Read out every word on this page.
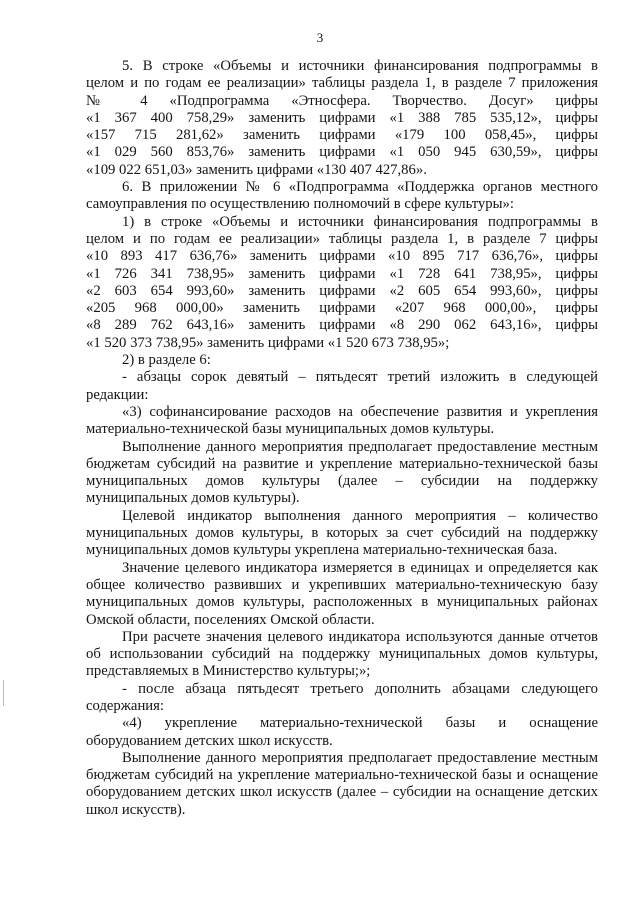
3

5. В строке «Объемы и источники финансирования подпрограммы в

целом и по годам ее реализации» таблицы раздела 1, в разделе 7 приложения

№ 4 «Подпрограмма «Этносфера. Творчество. Досуг» цифры

«1 367 400 758,29» заменить цифрами «1 388 785 535,12», цифры

«157 715 281,62» заменить цифрами «179 100 058,45», цифры

«1 029 560 853,76» заменить цифрами «1 050 945 630,59», цифры

«109 022 651,03» заменить цифрами «130 407 427,86».

6. В приложении № 6 «Подпрограмма «Поддержка органов местного

самоуправления по осуществлению полномочий в сфере культуры»:

1) в строке «Объемы и источники финансирования подпрограммы в

целом и по годам ее реализации» таблицы раздела 1, в разделе 7 цифры

«10 893 417 636,76» заменить цифрами «10 895 717 636,76», цифры

«1 726 341 738,95» заменить цифрами «1 728 641 738,95», цифры

«2 603 654 993,60» заменить цифрами «2 605 654 993,60», цифры

«205 968 000,00» заменить цифрами «207 968 000,00», цифры

«8 289 762 643,16» заменить цифрами «8 290 062 643,16», цифры

«1 520 373 738,95» заменить цифрами «1 520 673 738,95»;

2) в разделе 6:

- абзацы сорок девятый – пятьдесят третий изложить в следующей

редакции:

«3) софинансирование расходов на обеспечение развития и укрепления

материально-технической базы муниципальных домов культуры.

Выполнение данного мероприятия предполагает предоставление местным

бюджетам субсидий на развитие и укрепление материально-технической базы

муниципальных домов культуры (далее – субсидии на поддержку

муниципальных домов культуры).

Целевой индикатор выполнения данного мероприятия – количество

муниципальных домов культуры, в которых за счет субсидий на поддержку

муниципальных домов культуры укреплена материально-техническая база.

Значение целевого индикатора измеряется в единицах и определяется как

общее количество развивших и укрепивших материально-техническую базу

муниципальных домов культуры, расположенных в муниципальных районах

Омской области, поселениях Омской области.

При расчете значения целевого индикатора используются данные отчетов

об использовании субсидий на поддержку муниципальных домов культуры,

представляемых в Министерство культуры;»;

- после абзаца пятьдесят третьего дополнить абзацами следующего

содержания:

«4) укрепление материально-технической базы и оснащение

оборудованием детских школ искусств.

Выполнение данного мероприятия предполагает предоставление местным

бюджетам субсидий на укрепление материально-технической базы и оснащение

оборудованием детских школ искусств (далее – субсидии на оснащение детских

школ искусств).
